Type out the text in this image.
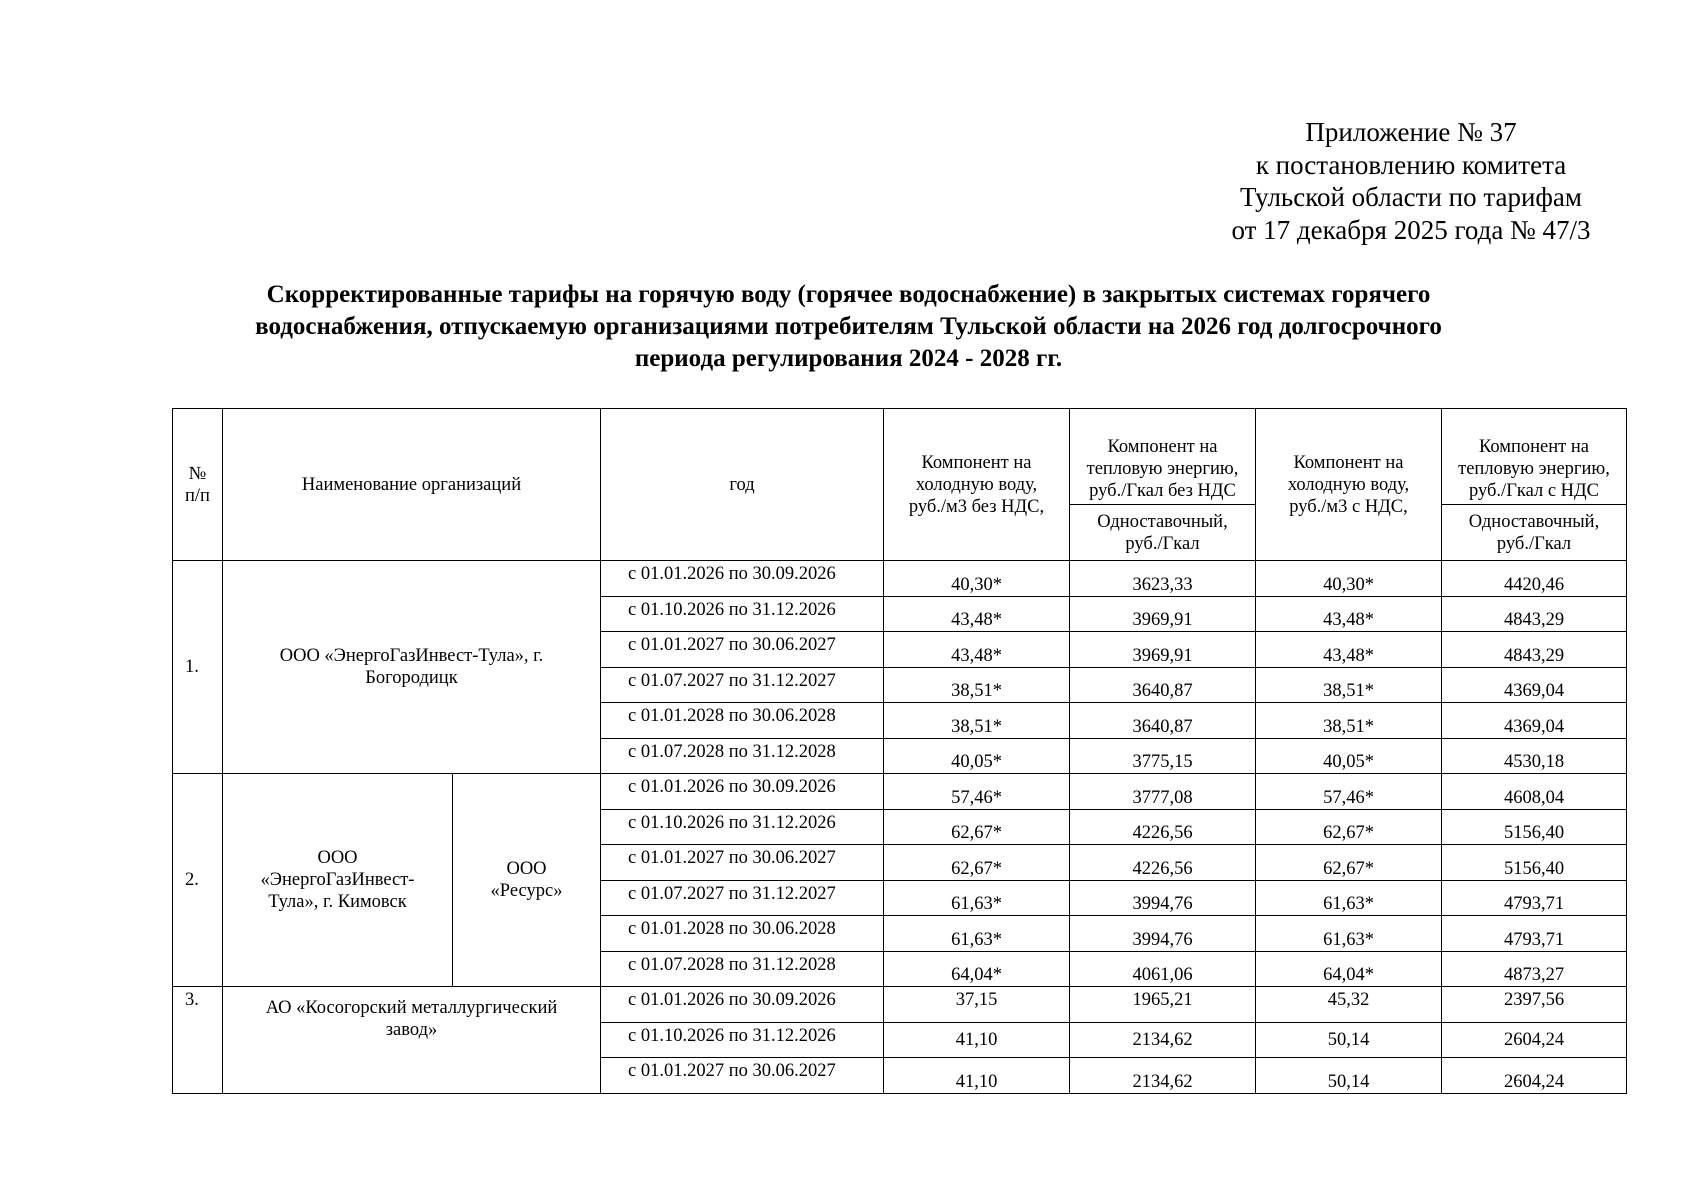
Приложение № 37
к постановлению комитета
Тульской области по тарифам
от 17 декабря 2025 года № 47/3
Скорректированные тарифы на горячую воду (горячее водоснабжение) в закрытых системах горячего
водоснабжения, отпускаемую организациями потребителям Тульской области на 2026 год долгосрочного
периода регулирования 2024 - 2028 гг.
№ п/п	Наименование организаций		год	Компонент на холодную воду, руб./м3 без НДС,	Компонент на тепловую энергию, руб./Гкал без НДС	Компонент на холодную воду, руб./м3 с НДС,	Компонент на тепловую энергию, руб./Гкал с НДС
					Одноставочный, руб./Гкал		Одноставочный, руб./Гкал
1.	ООО «ЭнергоГазИнвест-Тула», г. Богородицк		с 01.01.2026 по 30.09.2026	40,30*	3623,33	40,30*	4420,46
			с 01.10.2026 по 31.12.2026	43,48*	3969,91	43,48*	4843,29
			с 01.01.2027 по 30.06.2027	43,48*	3969,91	43,48*	4843,29
			с 01.07.2027 по 31.12.2027	38,51*	3640,87	38,51*	4369,04
			с 01.01.2028 по 30.06.2028	38,51*	3640,87	38,51*	4369,04
			с 01.07.2028 по 31.12.2028	40,05*	3775,15	40,05*	4530,18
2.	ООО «ЭнергоГазИнвест-Тула», г. Кимовск	ООО «Ресурс»	с 01.01.2026 по 30.09.2026	57,46*	3777,08	57,46*	4608,04
			с 01.10.2026 по 31.12.2026	62,67*	4226,56	62,67*	5156,40
			с 01.01.2027 по 30.06.2027	62,67*	4226,56	62,67*	5156,40
			с 01.07.2027 по 31.12.2027	61,63*	3994,76	61,63*	4793,71
			с 01.01.2028 по 30.06.2028	61,63*	3994,76	61,63*	4793,71
			с 01.07.2028 по 31.12.2028	64,04*	4061,06	64,04*	4873,27
3.	АО «Косогорский металлургический завод»		с 01.01.2026 по 30.09.2026	37,15	1965,21	45,32	2397,56
			с 01.10.2026 по 31.12.2026	41,10	2134,62	50,14	2604,24
			с 01.01.2027 по 30.06.2027	41,10	2134,62	50,14	2604,24
